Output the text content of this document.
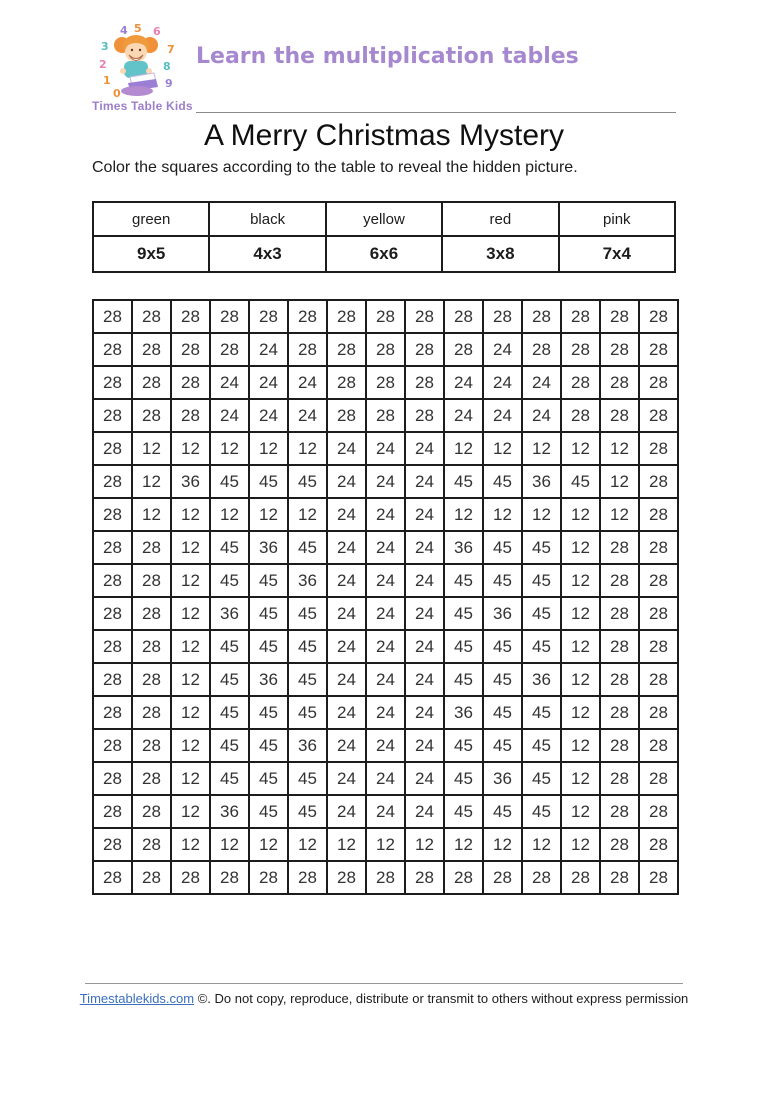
4 5 6
3	7
2	8
1	9
0
Times Table Kids
Learn the multiplication tables
A Merry Christmas Mystery

Color the squares according to the table to reveal the hidden picture.

green	black	yellow	red	pink
9x5	4x3	6x6	3x8	7x4
28	28	28	28	28	28	28	28	28	28	28	28	28	28	28
28	28	28	28	24	28	28	28	28	28	24	28	28	28	28
28	28	28	24	24	24	28	28	28	24	24	24	28	28	28
28	28	28	24	24	24	28	28	28	24	24	24	28	28	28
28	12	12	12	12	12	24	24	24	12	12	12	12	12	28
28	12	36	45	45	45	24	24	24	45	45	36	45	12	28
28	12	12	12	12	12	24	24	24	12	12	12	12	12	28
28	28	12	45	36	45	24	24	24	36	45	45	12	28	28
28	28	12	45	45	36	24	24	24	45	45	45	12	28	28
28	28	12	36	45	45	24	24	24	45	36	45	12	28	28
28	28	12	45	45	45	24	24	24	45	45	45	12	28	28
28	28	12	45	36	45	24	24	24	45	45	36	12	28	28
28	28	12	45	45	45	24	24	24	36	45	45	12	28	28
28	28	12	45	45	36	24	24	24	45	45	45	12	28	28
28	28	12	45	45	45	24	24	24	45	36	45	12	28	28
28	28	12	36	45	45	24	24	24	45	45	45	12	28	28
28	28	12	12	12	12	12	12	12	12	12	12	12	28	28
28	28	28	28	28	28	28	28	28	28	28	28	28	28	28

Timestablekids.com ©. Do not copy, reproduce, distribute or transmit to others without express permission
